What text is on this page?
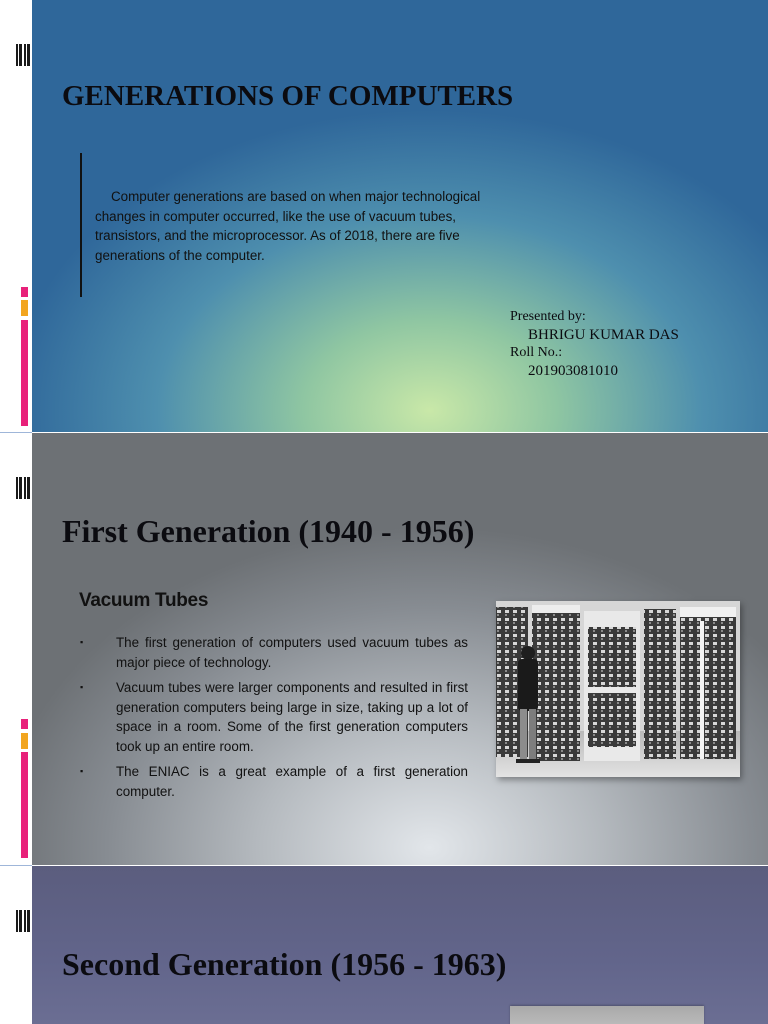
GENERATIONS OF COMPUTERS

Computer generations are based on when major technological changes in computer occurred, like the use of vacuum tubes, transistors, and the microprocessor. As of 2018, there are five generations of the computer.

Presented by:
BHRIGU KUMAR DAS
Roll No.:
201903081010
First Generation (1940 - 1956)
Vacuum Tubes
▪ The first generation of computers used vacuum tubes as major piece of technology.
▪ Vacuum tubes were larger components and resulted in first generation computers being large in size, taking up a lot of space in a room. Some of the first generation computers took up an entire room.
▪ The ENIAC is a great example of a first generation computer.
Second Generation (1956 - 1963)
